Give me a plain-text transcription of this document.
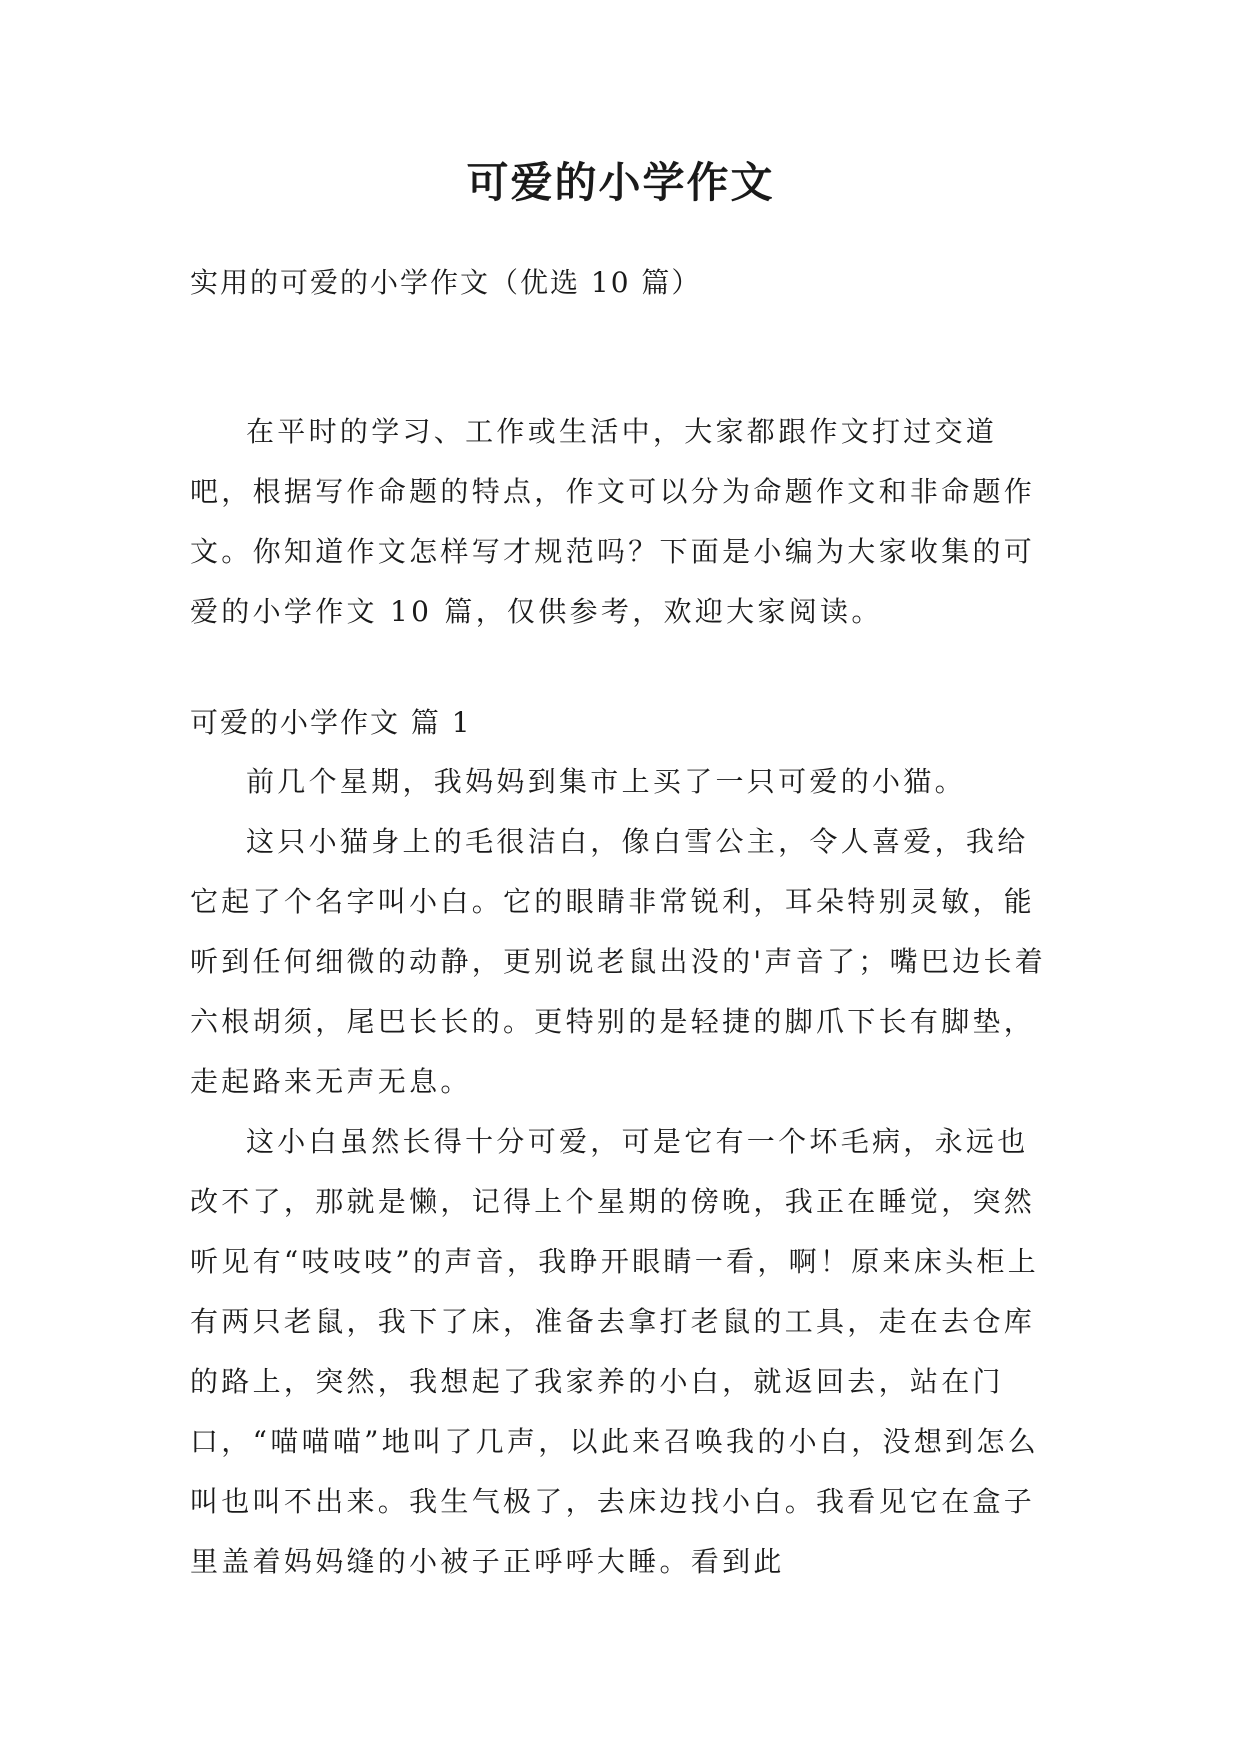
可爱的小学作文

实用的可爱的小学作文（优选 10 篇）

在平时的学习、工作或生活中，大家都跟作文打过交道吧，根据写作命题的特点，作文可以分为命题作文和非命题作文。你知道作文怎样写才规范吗？下面是小编为大家收集的可爱的小学作文 10 篇，仅供参考，欢迎大家阅读。

可爱的小学作文 篇 1

前几个星期，我妈妈到集市上买了一只可爱的小猫。

这只小猫身上的毛很洁白，像白雪公主，令人喜爱，我给它起了个名字叫小白。它的眼睛非常锐利，耳朵特别灵敏，能听到任何细微的动静，更别说老鼠出没的'声音了；嘴巴边长着六根胡须，尾巴长长的。更特别的是轻捷的脚爪下长有脚垫，走起路来无声无息。

这小白虽然长得十分可爱，可是它有一个坏毛病，永远也改不了，那就是懒，记得上个星期的傍晚，我正在睡觉，突然听见有“吱吱吱”的声音，我睁开眼睛一看，啊！原来床头柜上有两只老鼠，我下了床，准备去拿打老鼠的工具，走在去仓库的路上，突然，我想起了我家养的小白，就返回去，站在门口，“喵喵喵”地叫了几声，以此来召唤我的小白，没想到怎么叫也叫不出来。我生气极了，去床边找小白。我看见它在盒子里盖着妈妈缝的小被子正呼呼大睡。看到此
